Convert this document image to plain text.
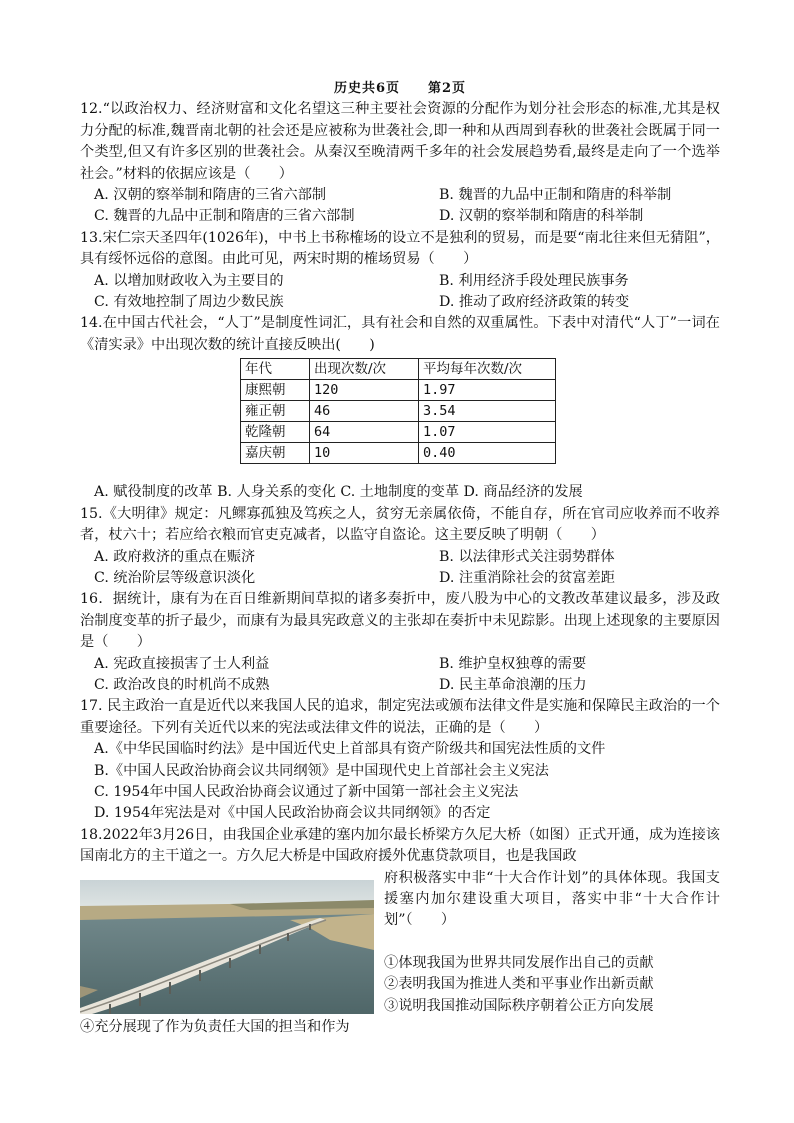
历史共6页 第2页

12.“以政治权力、经济财富和文化名望这三种主要社会资源的分配作为划分社会形态的标准,尤其是权力分配的标准,魏晋南北朝的社会还是应被称为世袭社会,即一种和从西周到春秋的世袭社会既属于同一个类型,但又有许多区别的世袭社会。从秦汉至晚清两千多年的社会发展趋势看,最终是走向了一个选举社会。”材料的依据应该是（　　）

A. 汉朝的察举制和隋唐的三省六部制	B. 魏晋的九品中正制和隋唐的科举制
C. 魏晋的九品中正制和隋唐的三省六部制	D. 汉朝的察举制和隋唐的科举制

13.宋仁宗天圣四年(1026年)，中书上书称榷场的设立不是独利的贸易，而是要“南北往来但无猜阻”，具有绥怀远俗的意图。由此可见，两宋时期的榷场贸易（　　）

A. 以增加财政收入为主要目的	B. 利用经济手段处理民族事务
C. 有效地控制了周边少数民族	D. 推动了政府经济政策的转变

14.在中国古代社会，“人丁”是制度性词汇，具有社会和自然的双重属性。下表中对清代“人丁”一词在《清实录》中出现次数的统计直接反映出(　　)

年代	出现次数/次	平均每年次数/次
康熙朝	120	1.97
雍正朝	46	3.54
乾隆朝	64	1.07
嘉庆朝	10	0.40
A. 赋役制度的改革 B. 人身关系的变化 C. 土地制度的变革 D. 商品经济的发展

15.《大明律》规定：凡鳏寡孤独及笃疾之人，贫穷无亲属依倚，不能自存，所在官司应收养而不收养者，杖六十；若应给衣粮而官吏克减者，以监守自盗论。这主要反映了明朝（　　）

A. 政府救济的重点在赈济	B. 以法律形式关注弱势群体
C. 统治阶层等级意识淡化	D. 注重消除社会的贫富差距

16．据统计，康有为在百日维新期间草拟的诸多奏折中，废八股为中心的文教改革建议最多，涉及政治制度变革的折子最少，而康有为最具宪政意义的主张却在奏折中未见踪影。出现上述现象的主要原因是（　　）

A. 宪政直接损害了士人利益	B. 维护皇权独尊的需要
C. 政治改良的时机尚不成熟	D. 民主革命浪潮的压力

17. 民主政治一直是近代以来我国人民的追求，制定宪法或颁布法律文件是实施和保障民主政治的一个重要途径。下列有关近代以来的宪法或法律文件的说法，正确的是（　　）

A.《中华民国临时约法》是中国近代史上首部具有资产阶级共和国宪法性质的文件
B.《中国人民政治协商会议共同纲领》是中国现代史上首部社会主义宪法
C. 1954年中国人民政治协商会议通过了新中国第一部社会主义宪法
D. 1954年宪法是对《中国人民政治协商会议共同纲领》的否定

18.2022年3月26日，由我国企业承建的塞内加尔最长桥梁方久尼大桥（如图）正式开通，成为连接该国南北方的主干道之一。方久尼大桥是中国政府援外优惠贷款项目，也是我国政

府积极落实中非“十大合作计划”的具体体现。我国支援塞内加尔建设重大项目，落实中非“十大合作计划”（　　）

①体现我国为世界共同发展作出自己的贡献

②表明我国为推进人类和平事业作出新贡献

③说明我国推动国际秩序朝着公正方向发展

④充分展现了作为负责任大国的担当和作为
